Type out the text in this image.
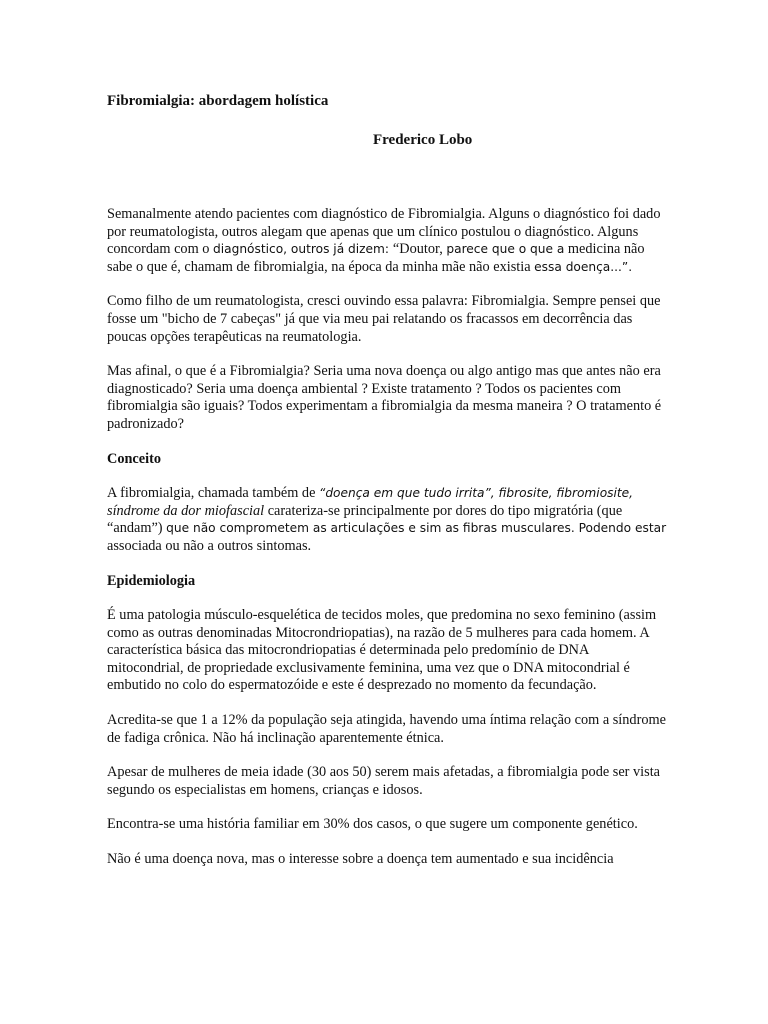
Fibromialgia: abordagem holística
Frederico Lobo

Semanalmente atendo pacientes com diagnóstico de Fibromialgia. Alguns o diagnóstico foi dado por reumatologista, outros alegam que apenas que um clínico postulou o diagnóstico. Alguns concordam com o diagnóstico, outros já dizem: “Doutor, parece que o que a medicina não sabe o que é, chamam de fibromialgia, na época da minha mãe não existia essa doença...”.

Como filho de um reumatologista, cresci ouvindo essa palavra: Fibromialgia. Sempre pensei que fosse um "bicho de 7 cabeças" já que via meu pai relatando os fracassos em decorrência das poucas opções terapêuticas na reumatologia.

Mas afinal, o que é a Fibromialgia? Seria uma nova doença ou algo antigo mas que antes não era diagnosticado? Seria uma doença ambiental ? Existe tratamento ? Todos os pacientes com fibromialgia são iguais? Todos experimentam a fibromialgia da mesma maneira ? O tratamento é padronizado?

Conceito

A fibromialgia, chamada também de “doença em que tudo irrita”, fibrosite, fibromiosite, síndrome da dor miofascial carateriza-se principalmente por dores do tipo migratória (que “andam”) que não comprometem as articulações e sim as fibras musculares. Podendo estar associada ou não a outros sintomas.

Epidemiologia

É uma patologia músculo-esquelética de tecidos moles, que predomina no sexo feminino (assim como as outras denominadas Mitocrondriopatias), na razão de 5 mulheres para cada homem. A característica básica das mitocrondriopatias é determinada pelo predomínio de DNA mitocondrial, de propriedade exclusivamente feminina, uma vez que o DNA mitocondrial é embutido no colo do espermatozóide e este é desprezado no momento da fecundação.

Acredita-se que 1 a 12% da população seja atingida, havendo uma íntima relação com a síndrome de fadiga crônica. Não há inclinação aparentemente étnica.

Apesar de mulheres de meia idade (30 aos 50) serem mais afetadas, a fibromialgia pode ser vista segundo os especialistas em homens, crianças e idosos.

Encontra-se uma história familiar em 30% dos casos, o que sugere um componente genético.

Não é uma doença nova, mas o interesse sobre a doença tem aumentado e sua incidência
